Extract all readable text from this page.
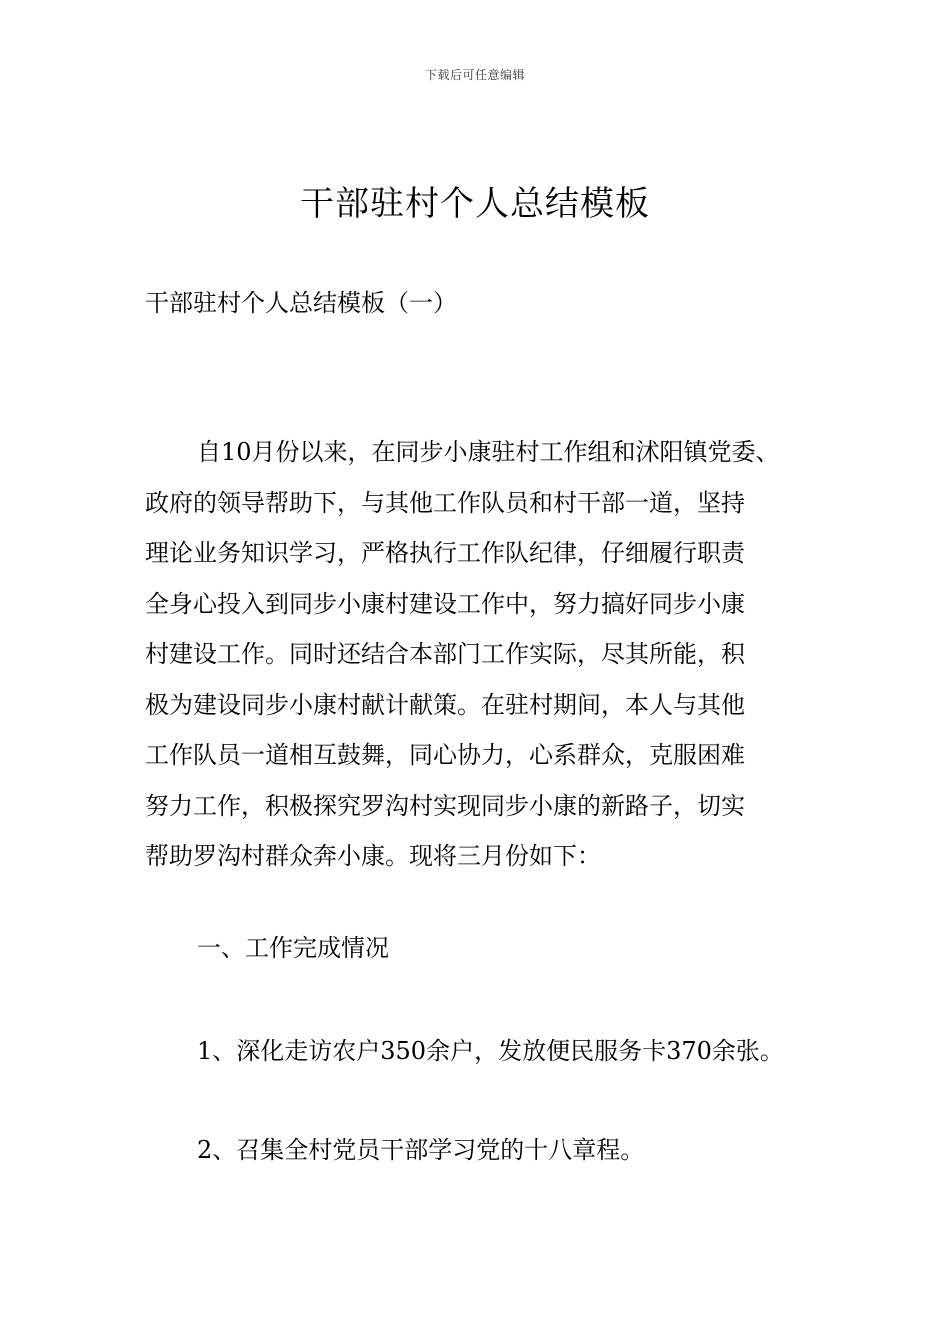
下载后可任意编辑
干部驻村个人总结模板

干部驻村个人总结模板（一）

自10月份以来，在同步小康驻村工作组和沭阳镇党委、
政府的领导帮助下，与其他工作队员和村干部一道，坚持
理论业务知识学习，严格执行工作队纪律，仔细履行职责
全身心投入到同步小康村建设工作中，努力搞好同步小康
村建设工作。同时还结合本部门工作实际，尽其所能，积
极为建设同步小康村献计献策。在驻村期间，本人与其他
工作队员一道相互鼓舞，同心协力，心系群众，克服困难
努力工作，积极探究罗沟村实现同步小康的新路子，切实
帮助罗沟村群众奔小康。现将三月份如下：

一、工作完成情况

1、深化走访农户350余户，发放便民服务卡370余张。

2、召集全村党员干部学习党的十八章程。
